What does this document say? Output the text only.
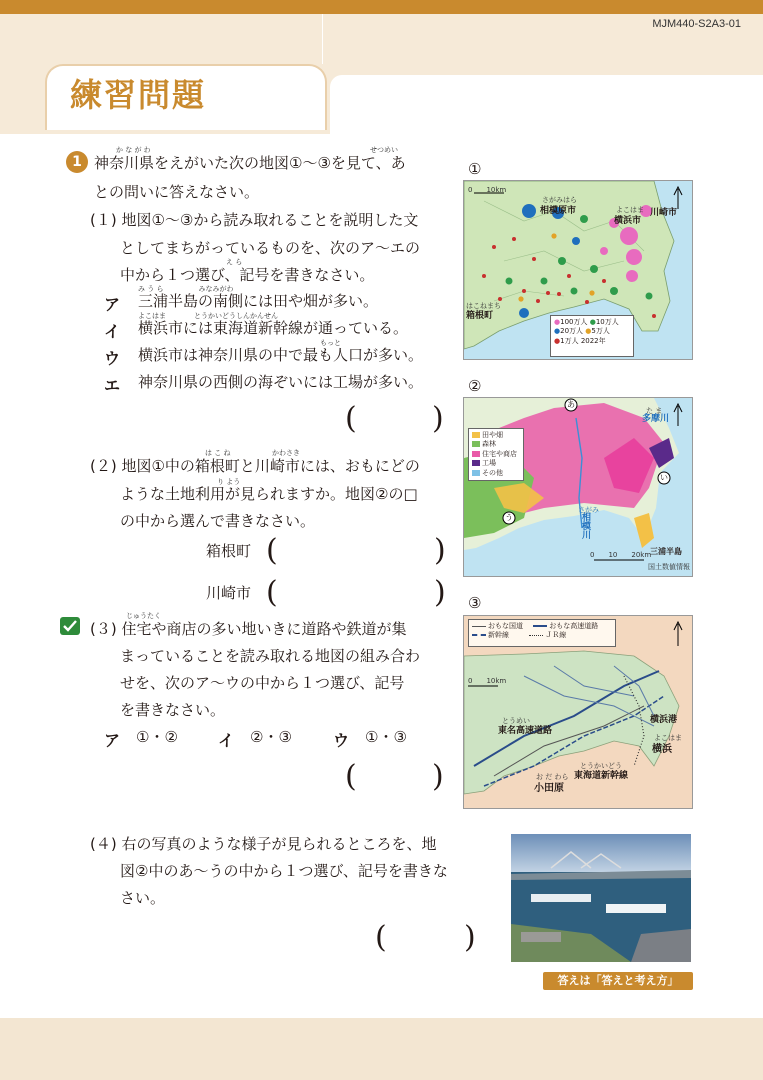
練習問題
MJM440-S2A3-01
1
か な が わ	せつめい
神奈川県をえがいた次の地図①～③を見て、あ
との問いに答えなさい。
(１) 地図①～③から読み取れることを説明した文
としてまちがっているものを、次のア～エの
え ら
中から１つ選び、記号を書きなさい。
み う ら　　　　　みなみがわ
ア 三浦半島の南側には田や畑が多い。
よこはま　　　　とうかいどうしんかんせん
イ 横浜市には東海道新幹線が通っている。
もっと
ウ 横浜市は神奈川県の中で最も人口が多い。
エ 神奈川県の西側の海ぞいには工場が多い。
(	)
は こ ね	かわさき
(２) 地図①中の箱根町と川崎市には、おもにどの
り よう
ような土地利用が見られますか。地図②の□
の中から選んで書きなさい。
箱根町 (	)
川崎市 (	)
じゅうたく
(３) 住宅や商店の多い地いきに道路や鉄道が集
まっていることを読み取れる地図の組み合わ
せを、次のア～ウの中から１つ選び、記号
を書きなさい。
ア ①・②	イ ②・③	ウ ①・③
(	)
(４) 右の写真のような様子が見られるところを、地
図②中のあ～うの中から１つ選び、記号を書きな
さい。
(	)
①
0　　10km
さがみはら
相模原市	よこはま
横浜市
川崎市
はこねまち
箱根町
●100万人 ●10万人
●20万人 ●5万人
●1万人 2022年
②
あ
い
う
た ま
多摩川
さがみ
相模川
三浦半島
0　　10　　20km
国土数値情報
田や畑
森林
住宅や商店
工場
その他
③
おもな国道	おもな高速道路
新幹線	ＪＲ線
0　　10km
とうめい
東名高速道路
とうかいどう
東海道新幹線
お だ わら
小田原
横浜港
よこはま
横浜
答えは「答えと考え方」
